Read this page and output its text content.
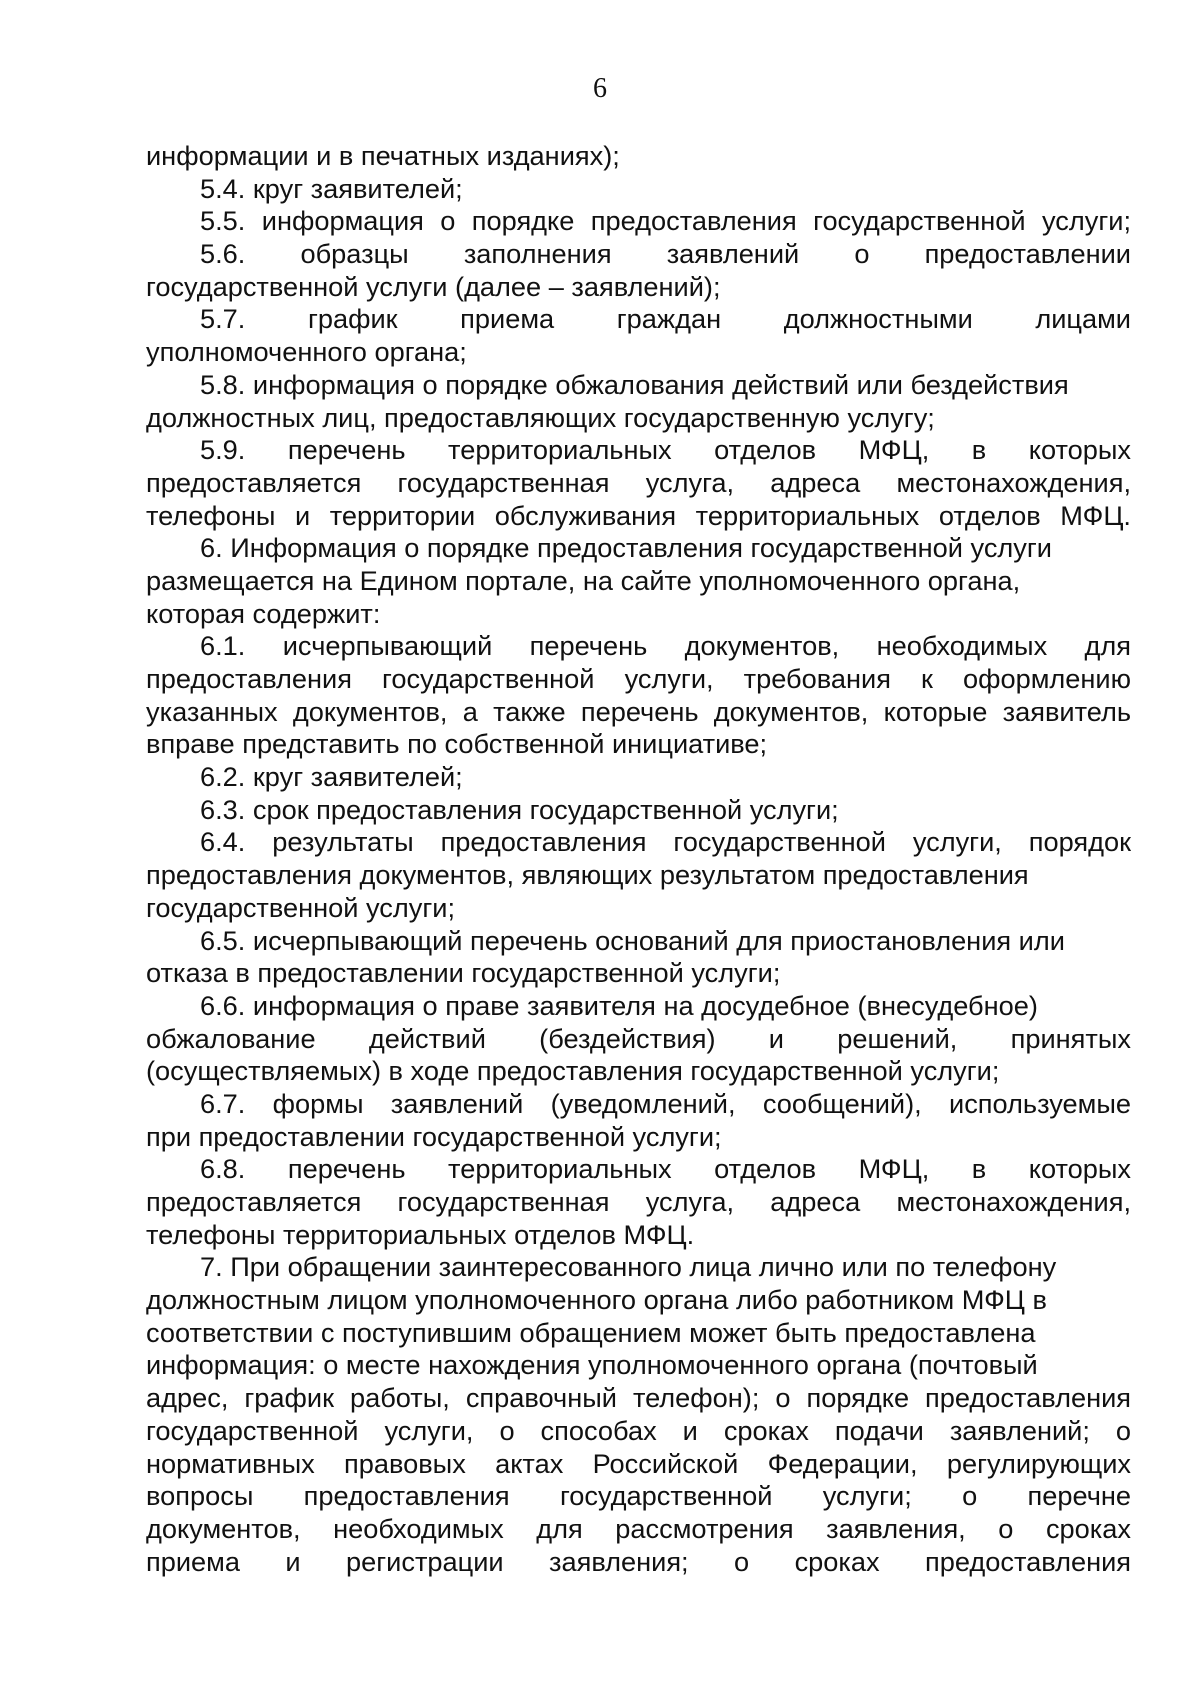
6
информации и в печатных изданиях);
5.4. круг заявителей;
5.5. информация о порядке предоставления государственной услуги;
5.6. образцы заполнения заявлений о предоставлении
государственной услуги (далее – заявлений);
5.7. график приема граждан должностными лицами
уполномоченного органа;
5.8. информация о порядке обжалования действий или бездействия
должностных лиц, предоставляющих государственную услугу;
5.9. перечень территориальных отделов МФЦ, в которых
предоставляется государственная услуга, адреса местонахождения,
телефоны и территории обслуживания территориальных отделов МФЦ.
6. Информация о порядке предоставления государственной услуги
размещается на Едином портале, на сайте уполномоченного органа,
которая содержит:
6.1. исчерпывающий перечень документов, необходимых для
предоставления государственной услуги, требования к оформлению
указанных документов, а также перечень документов, которые заявитель
вправе представить по собственной инициативе;
6.2. круг заявителей;
6.3. срок предоставления государственной услуги;
6.4. результаты предоставления государственной услуги, порядок
предоставления документов, являющих результатом предоставления
государственной услуги;
6.5. исчерпывающий перечень оснований для приостановления или
отказа в предоставлении государственной услуги;
6.6. информация о праве заявителя на досудебное (внесудебное)
обжалование действий (бездействия) и решений, принятых
(осуществляемых) в ходе предоставления государственной услуги;
6.7. формы заявлений (уведомлений, сообщений), используемые
при предоставлении государственной услуги;
6.8. перечень территориальных отделов МФЦ, в которых
предоставляется государственная услуга, адреса местонахождения,
телефоны территориальных отделов МФЦ.
7. При обращении заинтересованного лица лично или по телефону
должностным лицом уполномоченного органа либо работником МФЦ в
соответствии с поступившим обращением может быть предоставлена
информация: о месте нахождения уполномоченного органа (почтовый
адрес, график работы, справочный телефон); о порядке предоставления
государственной услуги, о способах и сроках подачи заявлений; о
нормативных правовых актах Российской Федерации, регулирующих
вопросы предоставления государственной услуги; о перечне
документов, необходимых для рассмотрения заявления, о сроках
приема и регистрации заявления; о сроках предоставления
